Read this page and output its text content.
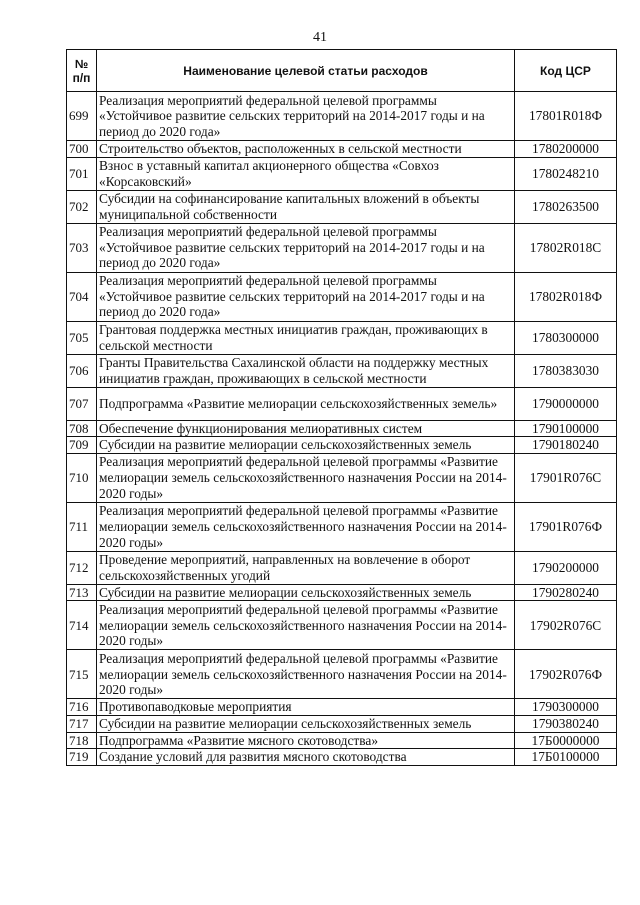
41
№ п/п	Наименование целевой статьи расходов	Код ЦСР
699	Реализация мероприятий федеральной целевой программы «Устойчивое развитие сельских территорий на 2014-2017 годы и на период до 2020 года»	17801R018Ф
700	Строительство объектов, расположенных в сельской местности	1780200000
701	Взнос в уставный капитал акционерного общества «Совхоз «Корсаковский»	1780248210
702	Субсидии на софинансирование капитальных вложений в объекты муниципальной собственности	1780263500
703	Реализация мероприятий федеральной целевой программы «Устойчивое развитие сельских территорий на 2014-2017 годы и на период до 2020 года»	17802R018С
704	Реализация мероприятий федеральной целевой программы «Устойчивое развитие сельских территорий на 2014-2017 годы и на период до 2020 года»	17802R018Ф
705	Грантовая поддержка местных инициатив граждан, проживающих в сельской местности	1780300000
706	Гранты Правительства Сахалинской области на поддержку местных инициатив граждан, проживающих в сельской местности	1780383030
707	Подпрограмма «Развитие мелиорации сельскохозяйственных земель»	1790000000
708	Обеспечение функционирования мелиоративных систем	1790100000
709	Субсидии на развитие мелиорации сельскохозяйственных земель	1790180240
710	Реализация мероприятий федеральной целевой программы «Развитие мелиорации земель сельскохозяйственного назначения России на 2014-2020 годы»	17901R076С
711	Реализация мероприятий федеральной целевой программы «Развитие мелиорации земель сельскохозяйственного назначения России на 2014-2020 годы»	17901R076Ф
712	Проведение мероприятий, направленных на вовлечение в оборот сельскохозяйственных угодий	1790200000
713	Субсидии на развитие мелиорации сельскохозяйственных земель	1790280240
714	Реализация мероприятий федеральной целевой программы «Развитие мелиорации земель сельскохозяйственного назначения России на 2014-2020 годы»	17902R076С
715	Реализация мероприятий федеральной целевой программы «Развитие мелиорации земель сельскохозяйственного назначения России на 2014-2020 годы»	17902R076Ф
716	Противопаводковые мероприятия	1790300000
717	Субсидии на развитие мелиорации сельскохозяйственных земель	1790380240
718	Подпрограмма «Развитие мясного скотоводства»	17Б0000000
719	Создание условий для развития мясного скотоводства	17Б0100000
